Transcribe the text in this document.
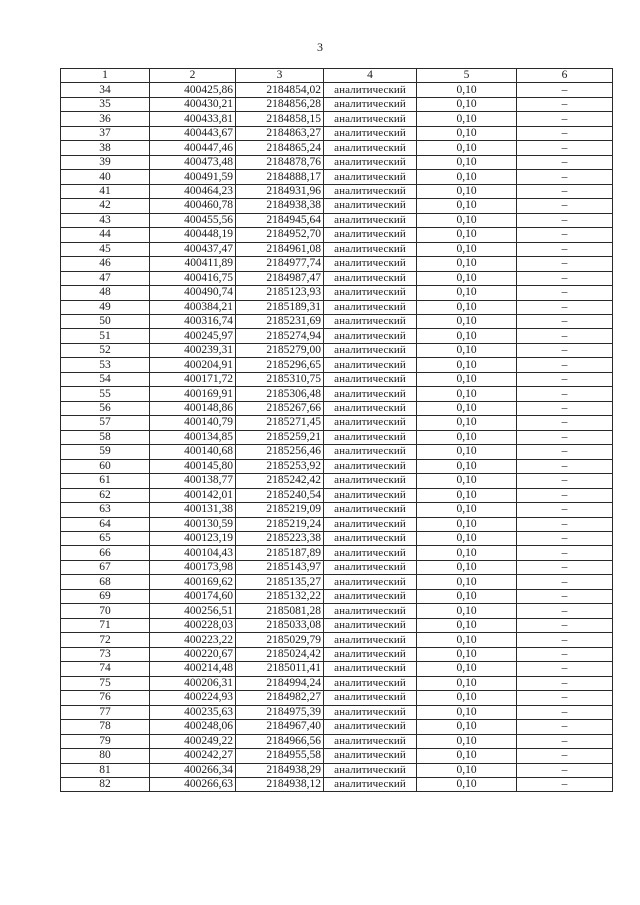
3
1	2	3	4	5	6
34	400425,86	2184854,02	аналитический	0,10	–
35	400430,21	2184856,28	аналитический	0,10	–
36	400433,81	2184858,15	аналитический	0,10	–
37	400443,67	2184863,27	аналитический	0,10	–
38	400447,46	2184865,24	аналитический	0,10	–
39	400473,48	2184878,76	аналитический	0,10	–
40	400491,59	2184888,17	аналитический	0,10	–
41	400464,23	2184931,96	аналитический	0,10	–
42	400460,78	2184938,38	аналитический	0,10	–
43	400455,56	2184945,64	аналитический	0,10	–
44	400448,19	2184952,70	аналитический	0,10	–
45	400437,47	2184961,08	аналитический	0,10	–
46	400411,89	2184977,74	аналитический	0,10	–
47	400416,75	2184987,47	аналитический	0,10	–
48	400490,74	2185123,93	аналитический	0,10	–
49	400384,21	2185189,31	аналитический	0,10	–
50	400316,74	2185231,69	аналитический	0,10	–
51	400245,97	2185274,94	аналитический	0,10	–
52	400239,31	2185279,00	аналитический	0,10	–
53	400204,91	2185296,65	аналитический	0,10	–
54	400171,72	2185310,75	аналитический	0,10	–
55	400169,91	2185306,48	аналитический	0,10	–
56	400148,86	2185267,66	аналитический	0,10	–
57	400140,79	2185271,45	аналитический	0,10	–
58	400134,85	2185259,21	аналитический	0,10	–
59	400140,68	2185256,46	аналитический	0,10	–
60	400145,80	2185253,92	аналитический	0,10	–
61	400138,77	2185242,42	аналитический	0,10	–
62	400142,01	2185240,54	аналитический	0,10	–
63	400131,38	2185219,09	аналитический	0,10	–
64	400130,59	2185219,24	аналитический	0,10	–
65	400123,19	2185223,38	аналитический	0,10	–
66	400104,43	2185187,89	аналитический	0,10	–
67	400173,98	2185143,97	аналитический	0,10	–
68	400169,62	2185135,27	аналитический	0,10	–
69	400174,60	2185132,22	аналитический	0,10	–
70	400256,51	2185081,28	аналитический	0,10	–
71	400228,03	2185033,08	аналитический	0,10	–
72	400223,22	2185029,79	аналитический	0,10	–
73	400220,67	2185024,42	аналитический	0,10	–
74	400214,48	2185011,41	аналитический	0,10	–
75	400206,31	2184994,24	аналитический	0,10	–
76	400224,93	2184982,27	аналитический	0,10	–
77	400235,63	2184975,39	аналитический	0,10	–
78	400248,06	2184967,40	аналитический	0,10	–
79	400249,22	2184966,56	аналитический	0,10	–
80	400242,27	2184955,58	аналитический	0,10	–
81	400266,34	2184938,29	аналитический	0,10	–
82	400266,63	2184938,12	аналитический	0,10	–
